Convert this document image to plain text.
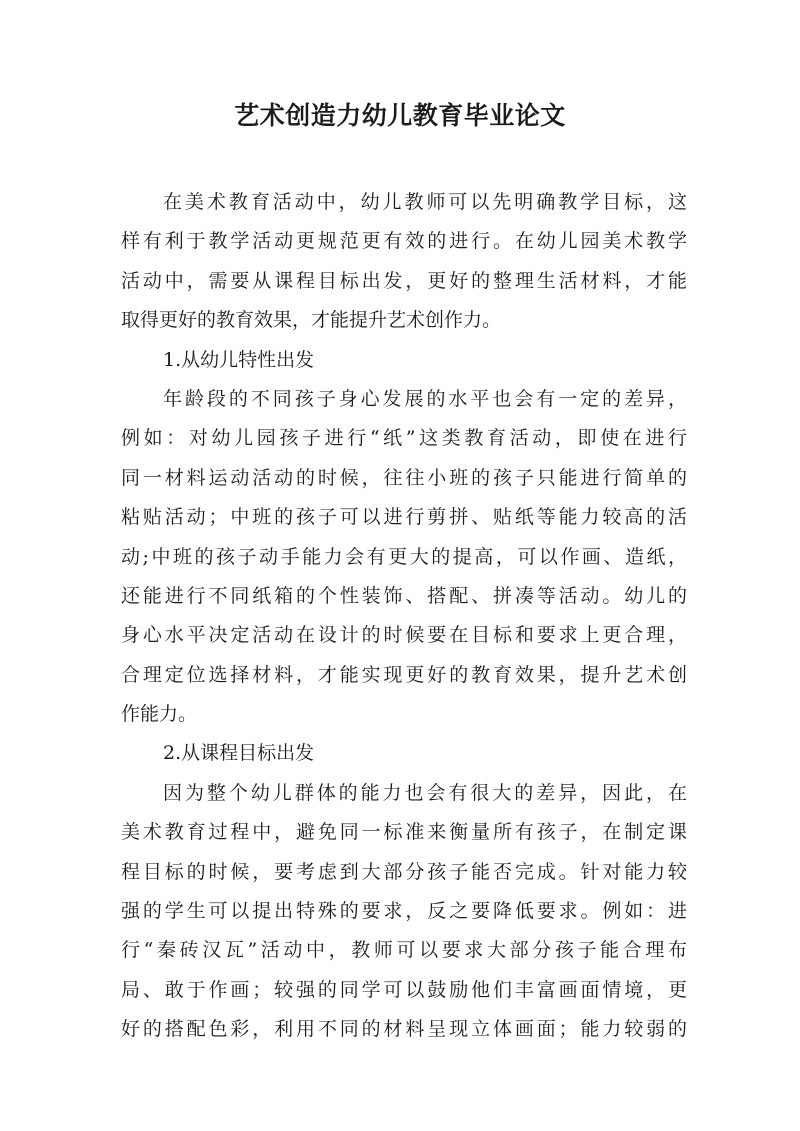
艺术创造力幼儿教育毕业论文
在美术教育活动中，幼儿教师可以先明确教学目标，这
样有利于教学活动更规范更有效的进行。在幼儿园美术教学
活动中，需要从课程目标出发，更好的整理生活材料，才能
取得更好的教育效果，才能提升艺术创作力。
1.从幼儿特性出发
年龄段的不同孩子身心发展的水平也会有一定的差异，
例如：对幼儿园孩子进行“纸”这类教育活动，即使在进行
同一材料运动活动的时候，往往小班的孩子只能进行简单的
粘贴活动；中班的孩子可以进行剪拼、贴纸等能力较高的活
动;中班的孩子动手能力会有更大的提高，可以作画、造纸，
还能进行不同纸箱的个性装饰、搭配、拼凑等活动。幼儿的
身心水平决定活动在设计的时候要在目标和要求上更合理，
合理定位选择材料，才能实现更好的教育效果，提升艺术创
作能力。
2.从课程目标出发
因为整个幼儿群体的能力也会有很大的差异，因此，在
美术教育过程中，避免同一标准来衡量所有孩子，在制定课
程目标的时候，要考虑到大部分孩子能否完成。针对能力较
强的学生可以提出特殊的要求，反之要降低要求。例如：进
行“秦砖汉瓦”活动中，教师可以要求大部分孩子能合理布
局、敢于作画；较强的同学可以鼓励他们丰富画面情境，更
好的搭配色彩，利用不同的材料呈现立体画面；能力较弱的
